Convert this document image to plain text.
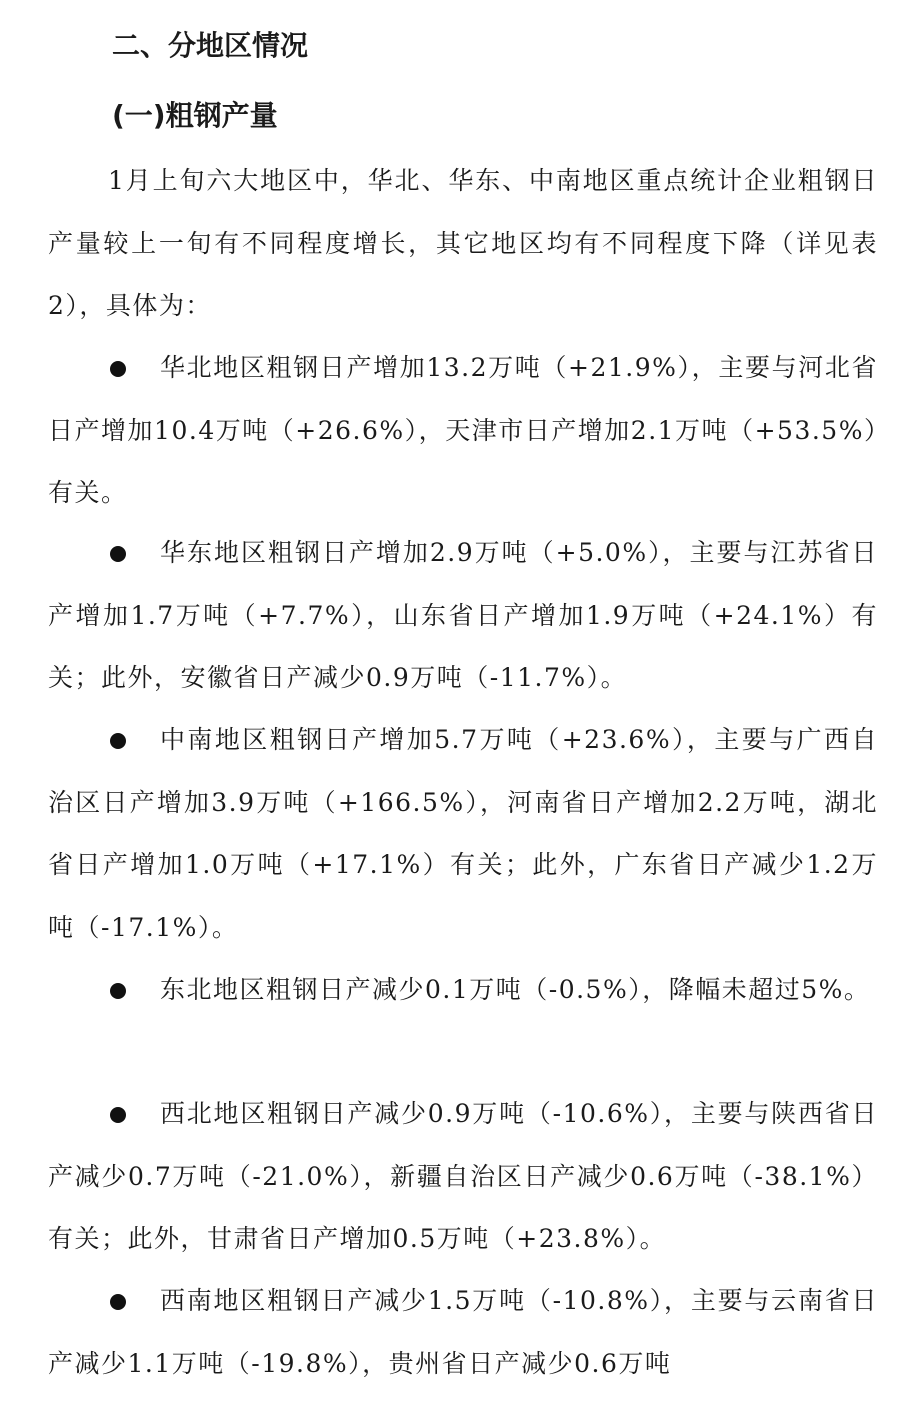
二、分地区情况
(一)粗钢产量

1月上旬六大地区中，华北、华东、中南地区重点统计企业粗钢日产量较上一旬有不同程度增长，其它地区均有不同程度下降（详见表2），具体为：

华北地区粗钢日产增加13.2万吨（+21.9%），主要与河北省日产增加10.4万吨（+26.6%），天津市日产增加2.1万吨（+53.5%）有关。

华东地区粗钢日产增加2.9万吨（+5.0%），主要与江苏省日产增加1.7万吨（+7.7%），山东省日产增加1.9万吨（+24.1%）有关；此外，安徽省日产减少0.9万吨（-11.7%）。

中南地区粗钢日产增加5.7万吨（+23.6%），主要与广西自治区日产增加3.9万吨（+166.5%），河南省日产增加2.2万吨，湖北省日产增加1.0万吨（+17.1%）有关；此外，广东省日产减少1.2万吨（-17.1%）。

东北地区粗钢日产减少0.1万吨（-0.5%），降幅未超过5%。

西北地区粗钢日产减少0.9万吨（-10.6%），主要与陕西省日产减少0.7万吨（-21.0%），新疆自治区日产减少0.6万吨（-38.1%）有关；此外，甘肃省日产增加0.5万吨（+23.8%）。

西南地区粗钢日产减少1.5万吨（-10.8%），主要与云南省日产减少1.1万吨（-19.8%），贵州省日产减少0.6万吨
